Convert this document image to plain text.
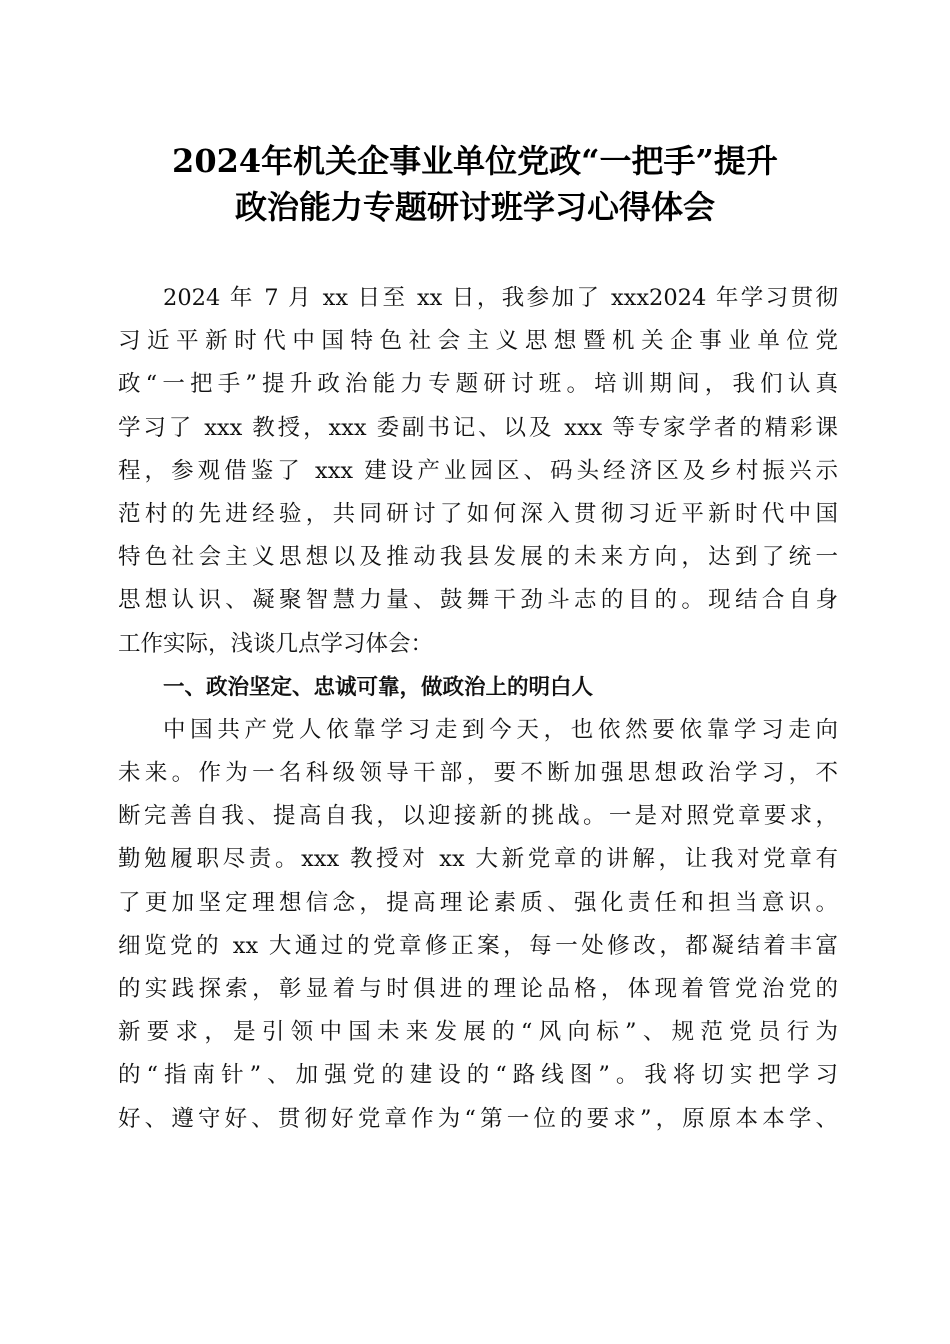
2024年机关企事业单位党政“一把手”提升
政治能力专题研讨班学习心得体会
2024 年 7 月 xx 日至 xx 日，我参加了 xxx2024 年学习贯彻
习近平新时代中国特色社会主义思想暨机关企事业单位党
政“一把手”提升政治能力专题研讨班。培训期间，我们认真
学习了 xxx 教授，xxx 委副书记、以及 xxx 等专家学者的精彩课
程，参观借鉴了 xxx 建设产业园区、码头经济区及乡村振兴示
范村的先进经验，共同研讨了如何深入贯彻习近平新时代中国
特色社会主义思想以及推动我县发展的未来方向，达到了统一
思想认识、凝聚智慧力量、鼓舞干劲斗志的目的。现结合自身
工作实际，浅谈几点学习体会：
一、政治坚定、忠诚可靠，做政治上的明白人
中国共产党人依靠学习走到今天，也依然要依靠学习走向
未来。作为一名科级领导干部，要不断加强思想政治学习，不
断完善自我、提高自我，以迎接新的挑战。一是对照党章要求，
勤勉履职尽责。xxx 教授对 xx 大新党章的讲解，让我对党章有
了更加坚定理想信念，提高理论素质、强化责任和担当意识。
细览党的 xx 大通过的党章修正案，每一处修改，都凝结着丰富
的实践探索，彰显着与时俱进的理论品格，体现着管党治党的
新要求，是引领中国未来发展的“风向标”、规范党员行为
的“指南针”、加强党的建设的“路线图”。我将切实把学习
好、遵守好、贯彻好党章作为“第一位的要求”，原原本本学、
